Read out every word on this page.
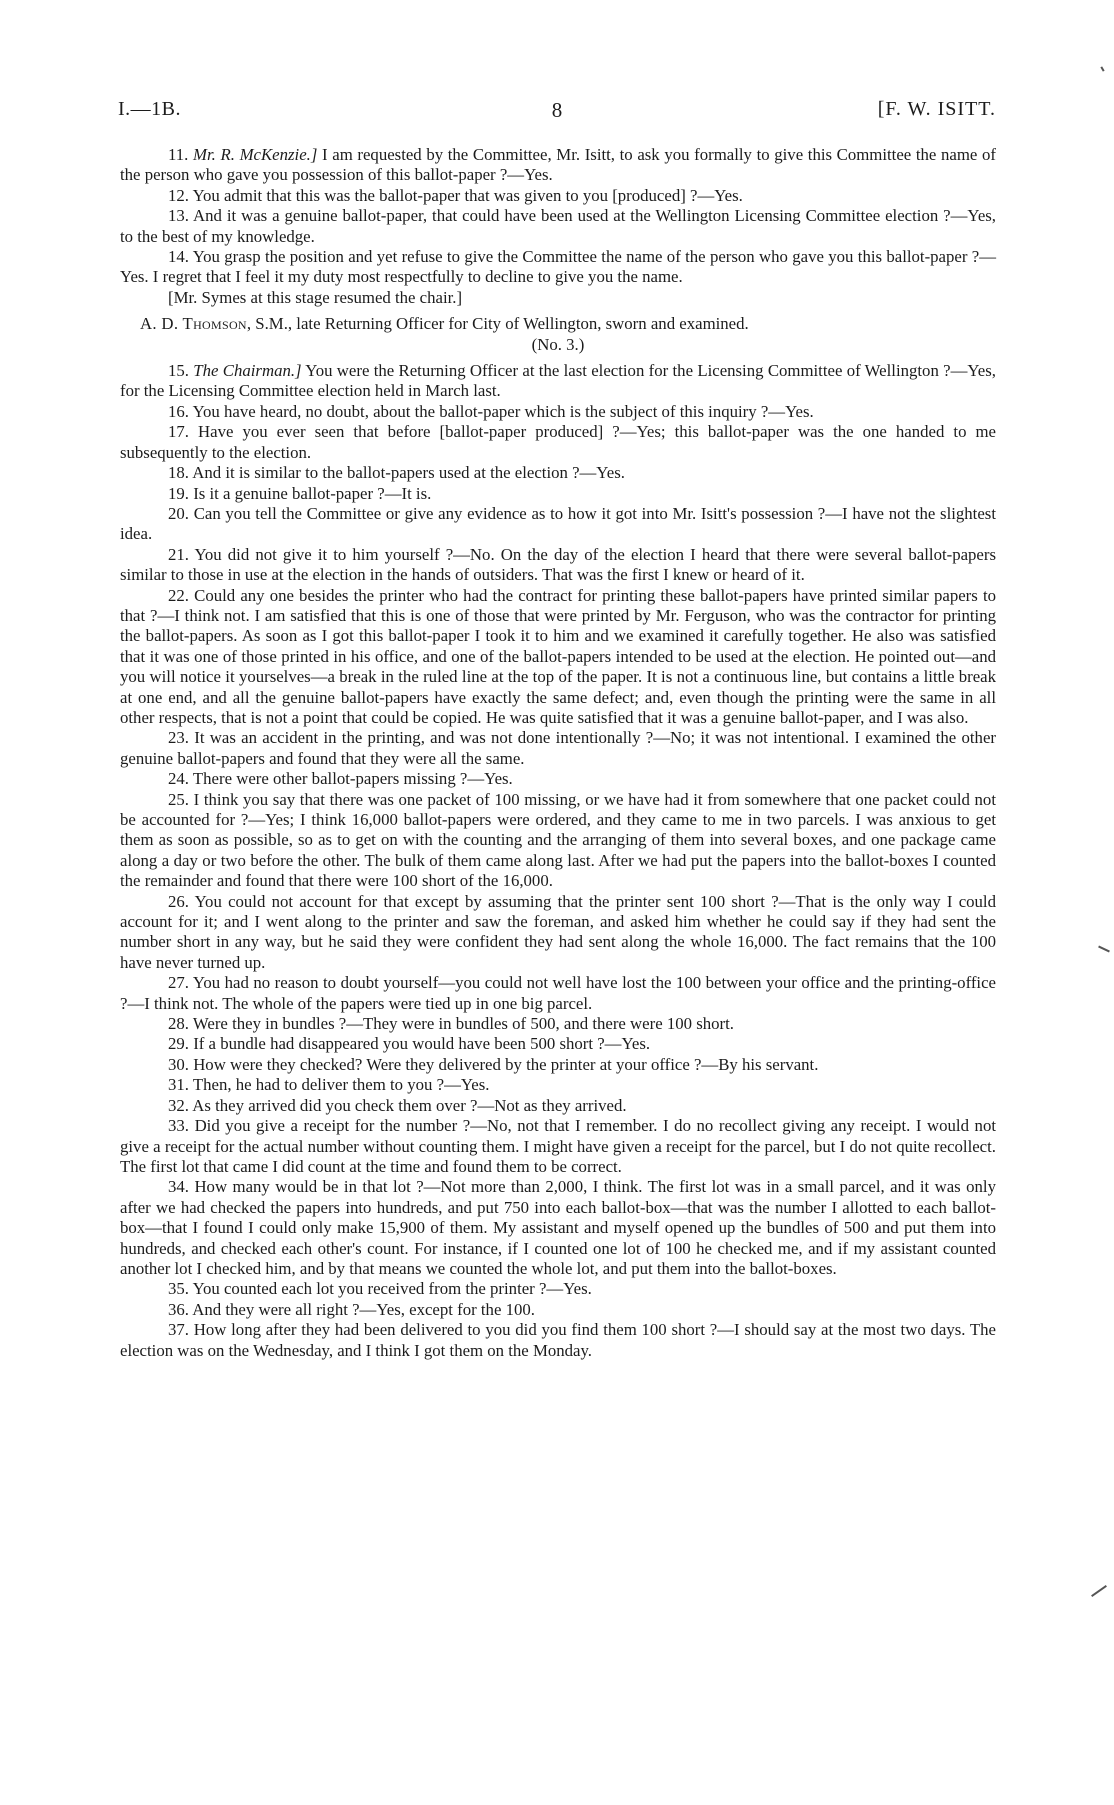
I.—1B.	8	[F. W. ISITT.

11. Mr. R. McKenzie.] I am requested by the Committee, Mr. Isitt, to ask you formally to give this Committee the name of the person who gave you possession of this ballot-paper ?—Yes.

12. You admit that this was the ballot-paper that was given to you [produced] ?—Yes.

13. And it was a genuine ballot-paper, that could have been used at the Wellington Licensing Committee election ?—Yes, to the best of my knowledge.

14. You grasp the position and yet refuse to give the Committee the name of the person who gave you this ballot-paper ?—Yes. I regret that I feel it my duty most respectfully to decline to give you the name.

[Mr. Symes at this stage resumed the chair.]

A. D. Thomson, S.M., late Returning Officer for City of Wellington, sworn and examined.

(No. 3.)

15. The Chairman.] You were the Returning Officer at the last election for the Licensing Committee of Wellington ?—Yes, for the Licensing Committee election held in March last.

16. You have heard, no doubt, about the ballot-paper which is the subject of this inquiry ?—Yes.

17. Have you ever seen that before [ballot-paper produced] ?—Yes; this ballot-paper was the one handed to me subsequently to the election.

18. And it is similar to the ballot-papers used at the election ?—Yes.

19. Is it a genuine ballot-paper ?—It is.

20. Can you tell the Committee or give any evidence as to how it got into Mr. Isitt's possession ?—I have not the slightest idea.

21. You did not give it to him yourself ?—No. On the day of the election I heard that there were several ballot-papers similar to those in use at the election in the hands of outsiders. That was the first I knew or heard of it.

22. Could any one besides the printer who had the contract for printing these ballot-papers have printed similar papers to that ?—I think not. I am satisfied that this is one of those that were printed by Mr. Ferguson, who was the contractor for printing the ballot-papers. As soon as I got this ballot-paper I took it to him and we examined it carefully together. He also was satisfied that it was one of those printed in his office, and one of the ballot-papers intended to be used at the election. He pointed out—and you will notice it yourselves—a break in the ruled line at the top of the paper. It is not a continuous line, but contains a little break at one end, and all the genuine ballot-papers have exactly the same defect; and, even though the printing were the same in all other respects, that is not a point that could be copied. He was quite satisfied that it was a genuine ballot-paper, and I was also.

23. It was an accident in the printing, and was not done intentionally ?—No; it was not intentional. I examined the other genuine ballot-papers and found that they were all the same.

24. There were other ballot-papers missing ?—Yes.

25. I think you say that there was one packet of 100 missing, or we have had it from somewhere that one packet could not be accounted for ?—Yes; I think 16,000 ballot-papers were ordered, and they came to me in two parcels. I was anxious to get them as soon as possible, so as to get on with the counting and the arranging of them into several boxes, and one package came along a day or two before the other. The bulk of them came along last. After we had put the papers into the ballot-boxes I counted the remainder and found that there were 100 short of the 16,000.

26. You could not account for that except by assuming that the printer sent 100 short ?—That is the only way I could account for it; and I went along to the printer and saw the foreman, and asked him whether he could say if they had sent the number short in any way, but he said they were confident they had sent along the whole 16,000. The fact remains that the 100 have never turned up.

27. You had no reason to doubt yourself—you could not well have lost the 100 between your office and the printing-office ?—I think not. The whole of the papers were tied up in one big parcel.

28. Were they in bundles ?—They were in bundles of 500, and there were 100 short.

29. If a bundle had disappeared you would have been 500 short ?—Yes.

30. How were they checked? Were they delivered by the printer at your office ?—By his servant.

31. Then, he had to deliver them to you ?—Yes.

32. As they arrived did you check them over ?—Not as they arrived.

33. Did you give a receipt for the number ?—No, not that I remember. I do no recollect giving any receipt. I would not give a receipt for the actual number without counting them. I might have given a receipt for the parcel, but I do not quite recollect. The first lot that came I did count at the time and found them to be correct.

34. How many would be in that lot ?—Not more than 2,000, I think. The first lot was in a small parcel, and it was only after we had checked the papers into hundreds, and put 750 into each ballot-box—that was the number I allotted to each ballot-box—that I found I could only make 15,900 of them. My assistant and myself opened up the bundles of 500 and put them into hundreds, and checked each other's count. For instance, if I counted one lot of 100 he checked me, and if my assistant counted another lot I checked him, and by that means we counted the whole lot, and put them into the ballot-boxes.

35. You counted each lot you received from the printer ?—Yes.

36. And they were all right ?—Yes, except for the 100.

37. How long after they had been delivered to you did you find them 100 short ?—I should say at the most two days. The election was on the Wednesday, and I think I got them on the Monday.
